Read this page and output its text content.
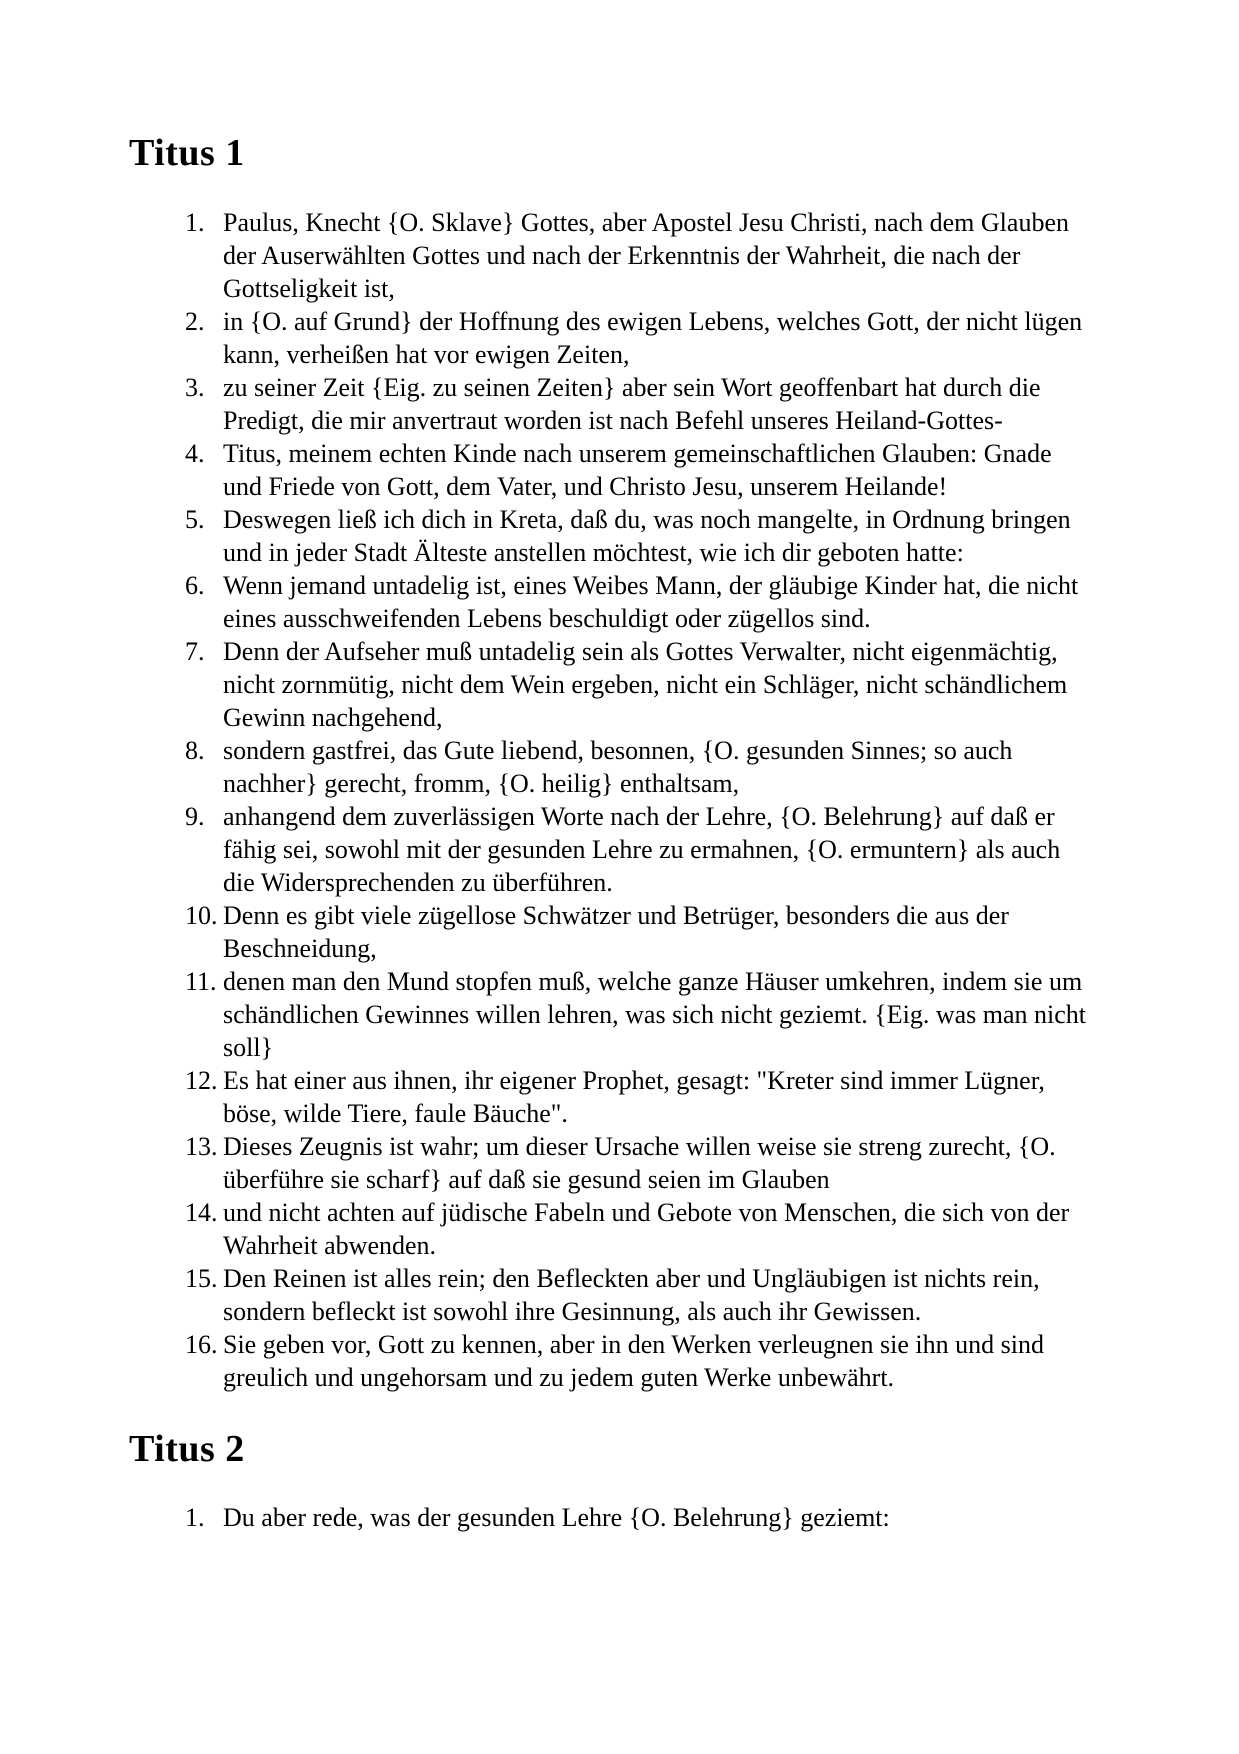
Titus 1
1. Paulus, Knecht {O. Sklave} Gottes, aber Apostel Jesu Christi, nach dem Glauben der Auserwählten Gottes und nach der Erkenntnis der Wahrheit, die nach der Gottseligkeit ist,
2. in {O. auf Grund} der Hoffnung des ewigen Lebens, welches Gott, der nicht lügen kann, verheißen hat vor ewigen Zeiten,
3. zu seiner Zeit {Eig. zu seinen Zeiten} aber sein Wort geoffenbart hat durch die Predigt, die mir anvertraut worden ist nach Befehl unseres Heiland-Gottes-
4. Titus, meinem echten Kinde nach unserem gemeinschaftlichen Glauben: Gnade und Friede von Gott, dem Vater, und Christo Jesu, unserem Heilande!
5. Deswegen ließ ich dich in Kreta, daß du, was noch mangelte, in Ordnung bringen und in jeder Stadt Älteste anstellen möchtest, wie ich dir geboten hatte:
6. Wenn jemand untadelig ist, eines Weibes Mann, der gläubige Kinder hat, die nicht eines ausschweifenden Lebens beschuldigt oder zügellos sind.
7. Denn der Aufseher muß untadelig sein als Gottes Verwalter, nicht eigenmächtig, nicht zornmütig, nicht dem Wein ergeben, nicht ein Schläger, nicht schändlichem Gewinn nachgehend,
8. sondern gastfrei, das Gute liebend, besonnen, {O. gesunden Sinnes; so auch nachher} gerecht, fromm, {O. heilig} enthaltsam,
9. anhangend dem zuverlässigen Worte nach der Lehre, {O. Belehrung} auf daß er fähig sei, sowohl mit der gesunden Lehre zu ermahnen, {O. ermuntern} als auch die Widersprechenden zu überführen.
10. Denn es gibt viele zügellose Schwätzer und Betrüger, besonders die aus der Beschneidung,
11. denen man den Mund stopfen muß, welche ganze Häuser umkehren, indem sie um schändlichen Gewinnes willen lehren, was sich nicht geziemt. {Eig. was man nicht soll}
12. Es hat einer aus ihnen, ihr eigener Prophet, gesagt: "Kreter sind immer Lügner, böse, wilde Tiere, faule Bäuche".
13. Dieses Zeugnis ist wahr; um dieser Ursache willen weise sie streng zurecht, {O. überführe sie scharf} auf daß sie gesund seien im Glauben
14. und nicht achten auf jüdische Fabeln und Gebote von Menschen, die sich von der Wahrheit abwenden.
15. Den Reinen ist alles rein; den Befleckten aber und Ungläubigen ist nichts rein, sondern befleckt ist sowohl ihre Gesinnung, als auch ihr Gewissen.
16. Sie geben vor, Gott zu kennen, aber in den Werken verleugnen sie ihn und sind greulich und ungehorsam und zu jedem guten Werke unbewährt.
Titus 2
1. Du aber rede, was der gesunden Lehre {O. Belehrung} geziemt:
